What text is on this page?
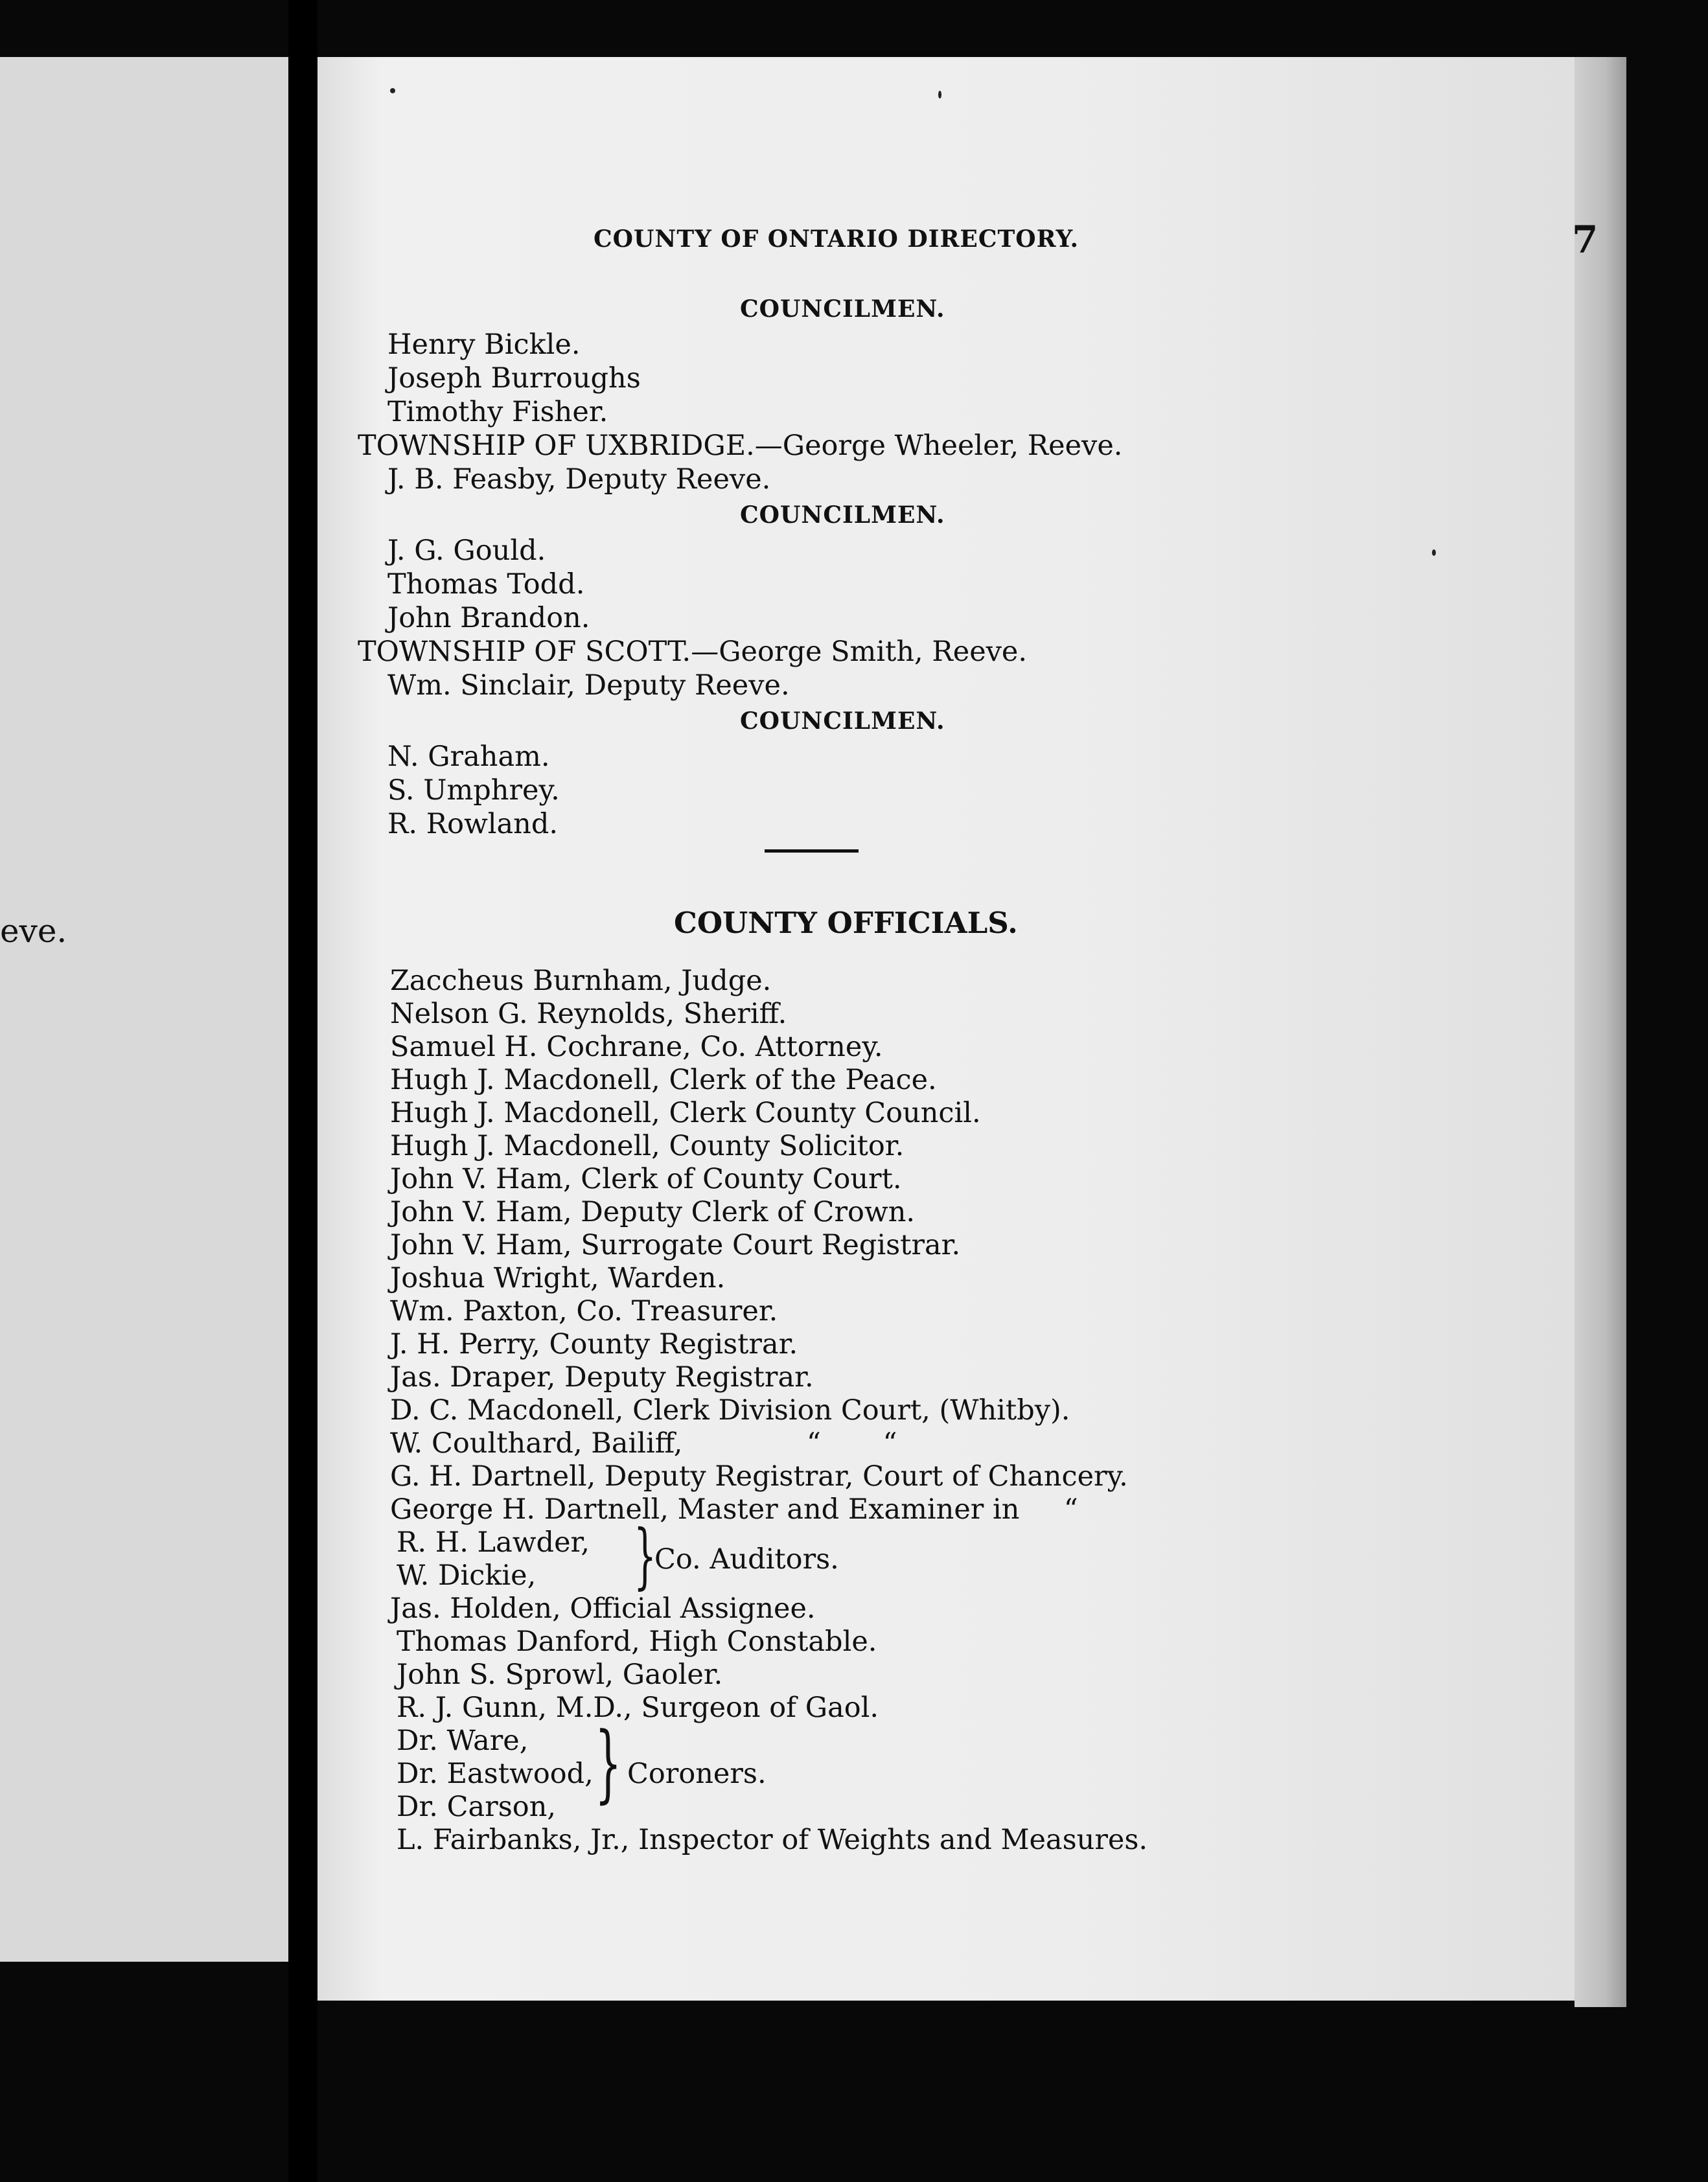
eve.
COUNTY OF ONTARIO DIRECTORY.	7
COUNCILMEN.
Henry Bickle.
Joseph Burroughs
Timothy Fisher.
TOWNSHIP OF UXBRIDGE.—George Wheeler, Reeve.
J. B. Feasby, Deputy Reeve.
COUNCILMEN.
J. G. Gould.
Thomas Todd.
John Brandon.
TOWNSHIP OF SCOTT.—George Smith, Reeve.
Wm. Sinclair, Deputy Reeve.
COUNCILMEN.
N. Graham.
S. Umphrey.
R. Rowland.
COUNTY OFFICIALS.
Zaccheus Burnham, Judge.
Nelson G. Reynolds, Sheriff.
Samuel H. Cochrane, Co. Attorney.
Hugh J. Macdonell, Clerk of the Peace.
Hugh J. Macdonell, Clerk County Council.
Hugh J. Macdonell, County Solicitor.
John V. Ham, Clerk of County Court.
John V. Ham, Deputy Clerk of Crown.
John V. Ham, Surrogate Court Registrar.
Joshua Wright, Warden.
Wm. Paxton, Co. Treasurer.
J. H. Perry, County Registrar.
Jas. Draper, Deputy Registrar.
D. C. Macdonell, Clerk Division Court, (Whitby).
W. Coulthard, Bailiff,              “       “
G. H. Dartnell, Deputy Registrar, Court of Chancery.
George H. Dartnell, Master and Examiner in     “
R. H. Lawder,
W. Dickie, }
Co. Auditors.
Jas. Holden, Official Assignee.
Thomas Danford, High Constable.
John S. Sprowl, Gaoler.
R. J. Gunn, M.D., Surgeon of Gaol.
Dr. Ware,
Dr. Eastwood,
Dr. Carson, } Coroners.
L. Fairbanks, Jr., Inspector of Weights and Measures.
